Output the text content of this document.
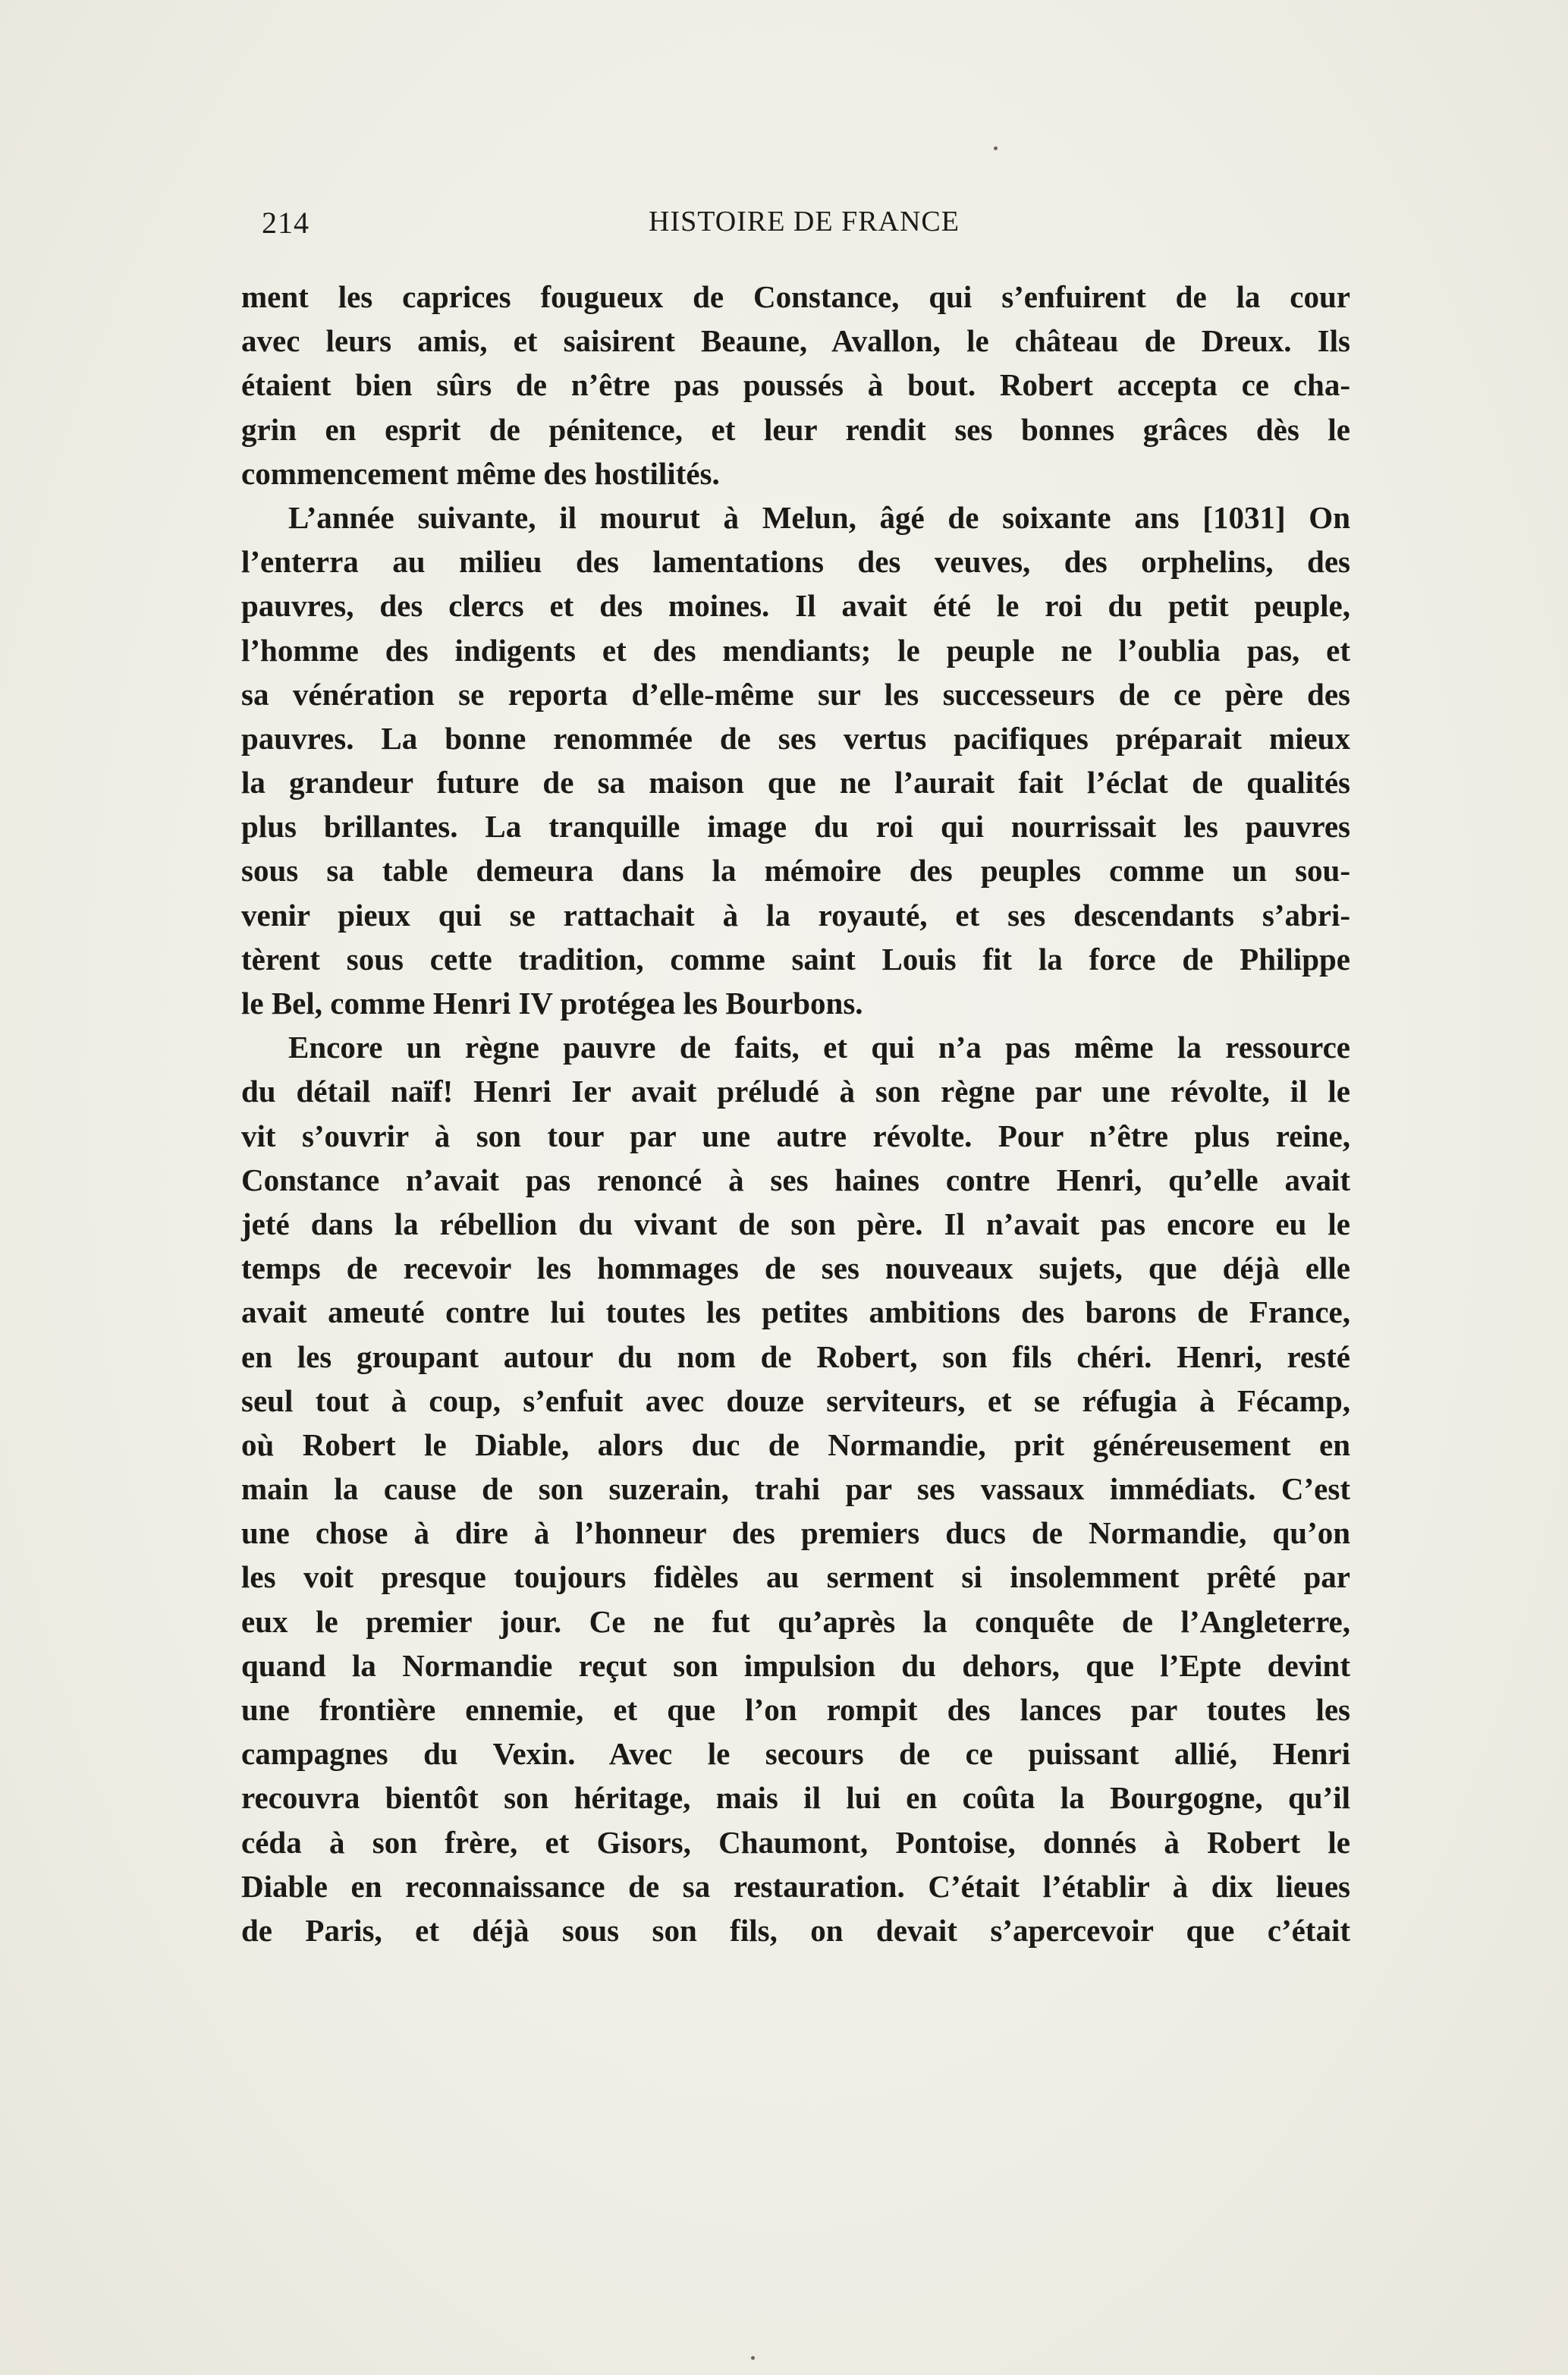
214	HISTOIRE DE FRANCE
ment les caprices fougueux de Constance, qui s’enfuirent de la cour
avec leurs amis, et saisirent Beaune, Avallon, le château de Dreux. Ils
étaient bien sûrs de n’être pas poussés à bout. Robert accepta ce cha-
grin en esprit de pénitence, et leur rendit ses bonnes grâces dès le
commencement même des hostilités.
L’année suivante, il mourut à Melun, âgé de soixante ans [1031] On
l’enterra au milieu des lamentations des veuves, des orphelins, des
pauvres, des clercs et des moines. Il avait été le roi du petit peuple,
l’homme des indigents et des mendiants; le peuple ne l’oublia pas, et
sa vénération se reporta d’elle-même sur les successeurs de ce père des
pauvres. La bonne renommée de ses vertus pacifiques préparait mieux
la grandeur future de sa maison que ne l’aurait fait l’éclat de qualités
plus brillantes. La tranquille image du roi qui nourrissait les pauvres
sous sa table demeura dans la mémoire des peuples comme un sou-
venir pieux qui se rattachait à la royauté, et ses descendants s’abri-
tèrent sous cette tradition, comme saint Louis fit la force de Philippe
le Bel, comme Henri IV protégea les Bourbons.
Encore un règne pauvre de faits, et qui n’a pas même la ressource
du détail naïf! Henri Ier avait préludé à son règne par une révolte, il le
vit s’ouvrir à son tour par une autre révolte. Pour n’être plus reine,
Constance n’avait pas renoncé à ses haines contre Henri, qu’elle avait
jeté dans la rébellion du vivant de son père. Il n’avait pas encore eu le
temps de recevoir les hommages de ses nouveaux sujets, que déjà elle
avait ameuté contre lui toutes les petites ambitions des barons de France,
en les groupant autour du nom de Robert, son fils chéri. Henri, resté
seul tout à coup, s’enfuit avec douze serviteurs, et se réfugia à Fécamp,
où Robert le Diable, alors duc de Normandie, prit généreusement en
main la cause de son suzerain, trahi par ses vassaux immédiats. C’est
une chose à dire à l’honneur des premiers ducs de Normandie, qu’on
les voit presque toujours fidèles au serment si insolemment prêté par
eux le premier jour. Ce ne fut qu’après la conquête de l’Angleterre,
quand la Normandie reçut son impulsion du dehors, que l’Epte devint
une frontière ennemie, et que l’on rompit des lances par toutes les
campagnes du Vexin. Avec le secours de ce puissant allié, Henri
recouvra bientôt son héritage, mais il lui en coûta la Bourgogne, qu’il
céda à son frère, et Gisors, Chaumont, Pontoise, donnés à Robert le
Diable en reconnaissance de sa restauration. C’était l’établir à dix lieues
de Paris, et déjà sous son fils, on devait s’apercevoir que c’était
